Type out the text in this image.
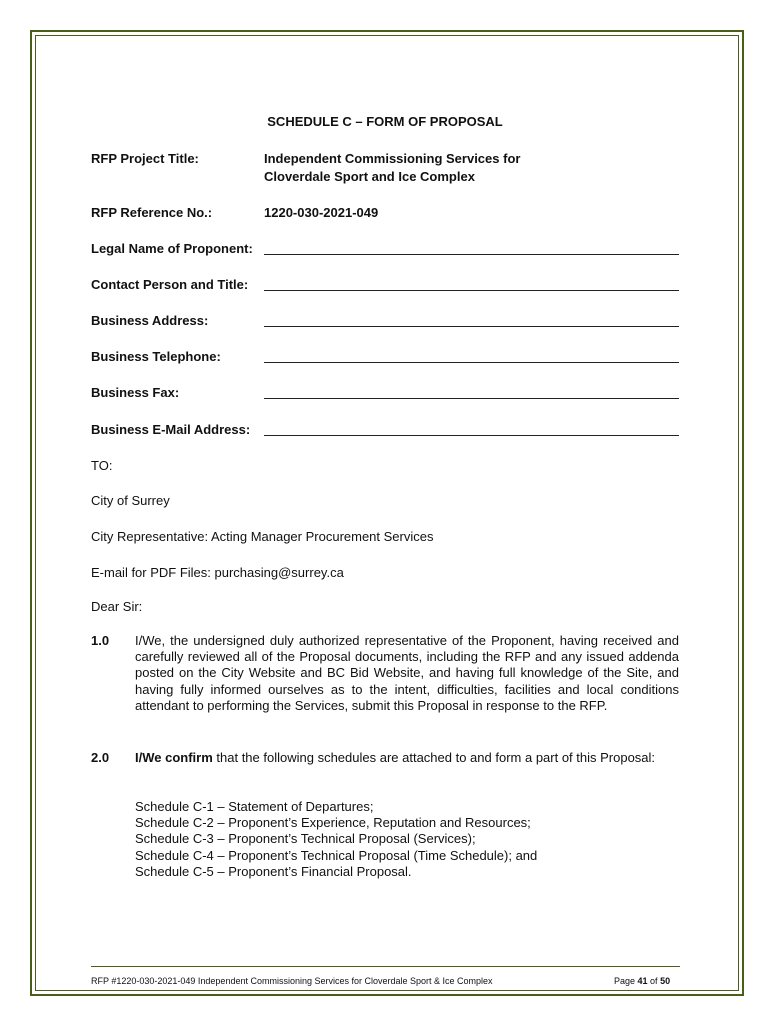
SCHEDULE C – FORM OF PROPOSAL
RFP Project Title:	Independent Commissioning Services for
Cloverdale Sport and Ice Complex
RFP Reference No.:	1220-030-2021-049
Legal Name of Proponent:
Contact Person and Title:
Business Address:
Business Telephone:
Business Fax:
Business E-Mail Address:
TO:
City of Surrey
City Representative: Acting Manager Procurement Services
E-mail for PDF Files: purchasing@surrey.ca
Dear Sir:
1.0 I/We, the undersigned duly authorized representative of the Proponent, having received and carefully reviewed all of the Proposal documents, including the RFP and any issued addenda posted on the City Website and BC Bid Website, and having full knowledge of the Site, and having fully informed ourselves as to the intent, difficulties, facilities and local conditions attendant to performing the Services, submit this Proposal in response to the RFP.
2.0 I/We confirm that the following schedules are attached to and form a part of this Proposal:
Schedule C-1 – Statement of Departures;
Schedule C-2 – Proponent’s Experience, Reputation and Resources;
Schedule C-3 – Proponent’s Technical Proposal (Services);
Schedule C-4 – Proponent’s Technical Proposal (Time Schedule); and
Schedule C-5 – Proponent’s Financial Proposal.
RFP #1220-030-2021-049 Independent Commissioning Services for Cloverdale Sport & Ice Complex	Page 41 of 50
